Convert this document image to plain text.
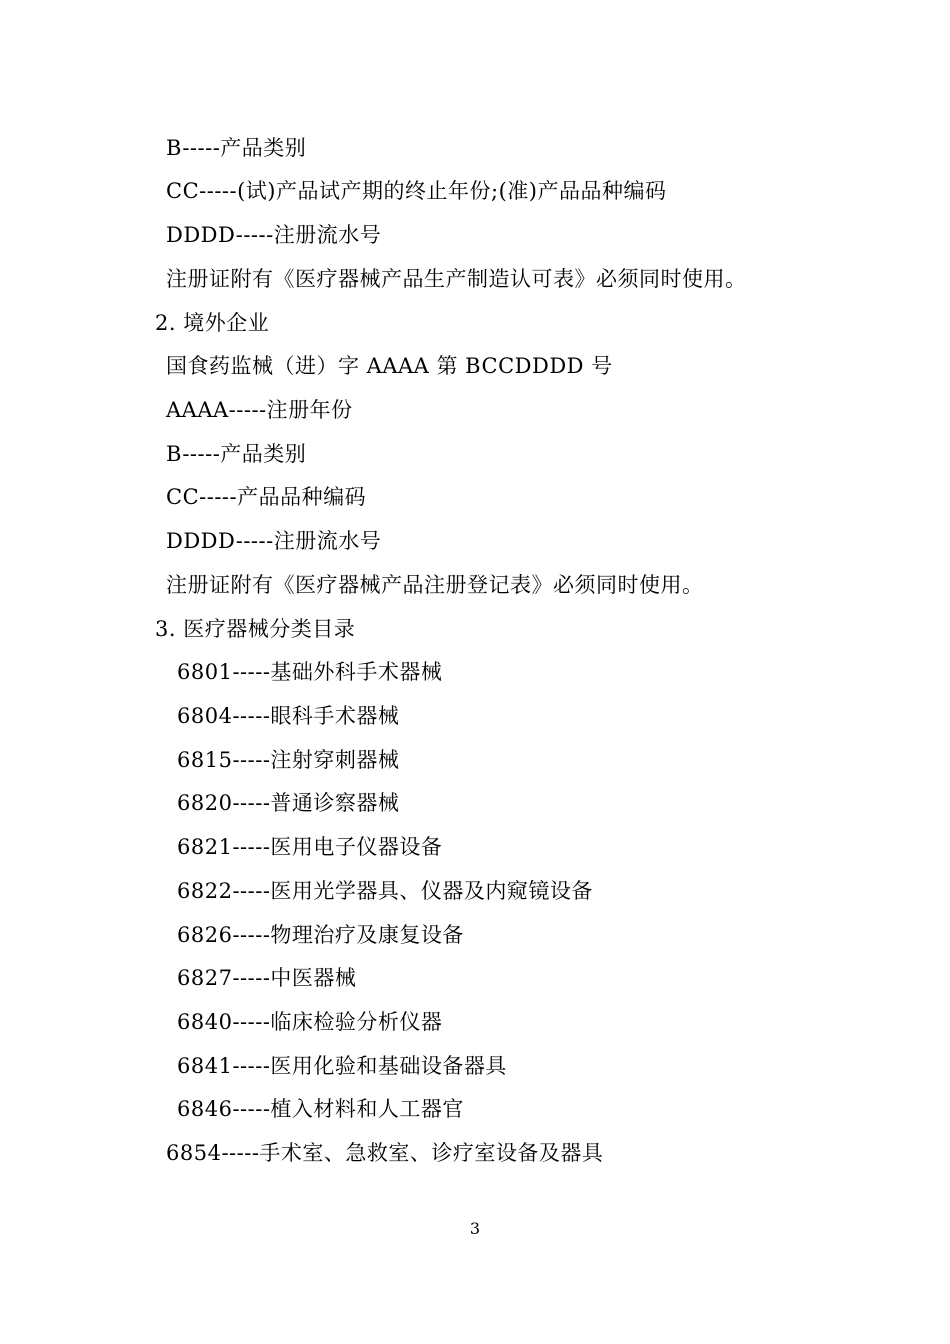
B-----产品类别
CC-----(试)产品试产期的终止年份;(准)产品品种编码
DDDD-----注册流水号
注册证附有《医疗器械产品生产制造认可表》必须同时使用。
2. 境外企业
国食药监械（进）字 AAAA 第 BCCDDDD 号
AAAA-----注册年份
B-----产品类别
CC-----产品品种编码
DDDD-----注册流水号
注册证附有《医疗器械产品注册登记表》必须同时使用。
3. 医疗器械分类目录
6801-----基础外科手术器械
6804-----眼科手术器械
6815-----注射穿刺器械
6820-----普通诊察器械
6821-----医用电子仪器设备
6822-----医用光学器具、仪器及内窥镜设备
6826-----物理治疗及康复设备
6827-----中医器械
6840-----临床检验分析仪器
6841-----医用化验和基础设备器具
6846-----植入材料和人工器官
6854-----手术室、急救室、诊疗室设备及器具
3
